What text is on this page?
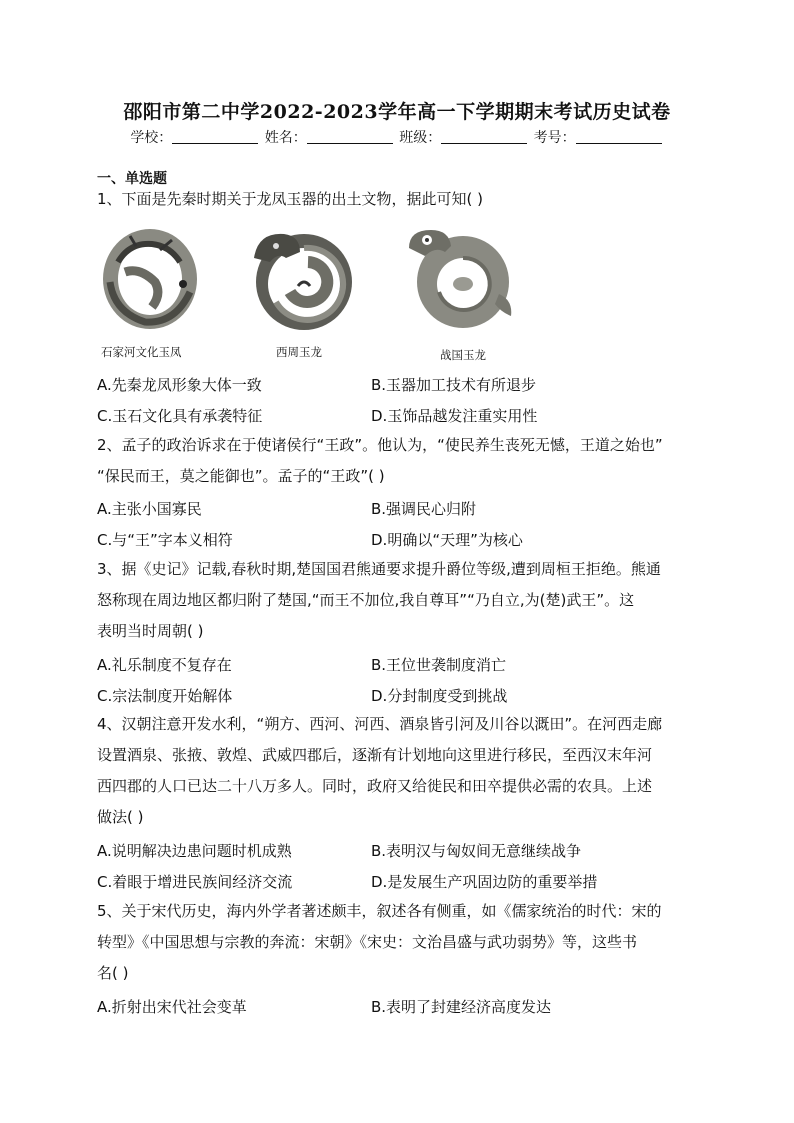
邵阳市第二中学2022-2023学年高一下学期期末考试历史试卷
学校：	姓名：	班级：	考号：
一、单选题
1、下面是先秦时期关于龙凤玉器的出土文物，据此可知( )
石家河文化玉凤	西周玉龙	战国玉龙
A.先秦龙凤形象大体一致	B.玉器加工技术有所退步
C.玉石文化具有承袭特征	D.玉饰品越发注重实用性
2、孟子的政治诉求在于使诸侯行“王政”。他认为，“使民养生丧死无憾，王道之始也”
“保民而王，莫之能御也”。孟子的“王政”( )
A.主张小国寡民	B.强调民心归附
C.与“王”字本义相符	D.明确以“天理”为核心
3、据《史记》记载,春秋时期,楚国国君熊通要求提升爵位等级,遭到周桓王拒绝。熊通
怒称现在周边地区都归附了楚国,“而王不加位,我自尊耳”“乃自立,为(楚)武王”。这
表明当时周朝( )
A.礼乐制度不复存在	B.王位世袭制度消亡
C.宗法制度开始解体	D.分封制度受到挑战
4、汉朝注意开发水利，“朔方、西河、河西、酒泉皆引河及川谷以溉田”。在河西走廊
设置酒泉、张掖、敦煌、武威四郡后，逐渐有计划地向这里进行移民，至西汉末年河
西四郡的人口已达二十八万多人。同时，政府又给徙民和田卒提供必需的农具。上述
做法( )
A.说明解决边患问题时机成熟	B.表明汉与匈奴间无意继续战争
C.着眼于增进民族间经济交流	D.是发展生产巩固边防的重要举措
5、关于宋代历史，海内外学者著述颇丰，叙述各有侧重，如《儒家统治的时代：宋的
转型》《中国思想与宗教的奔流：宋朝》《宋史：文治昌盛与武功弱势》等，这些书
名( )
A.折射出宋代社会变革	B.表明了封建经济高度发达
